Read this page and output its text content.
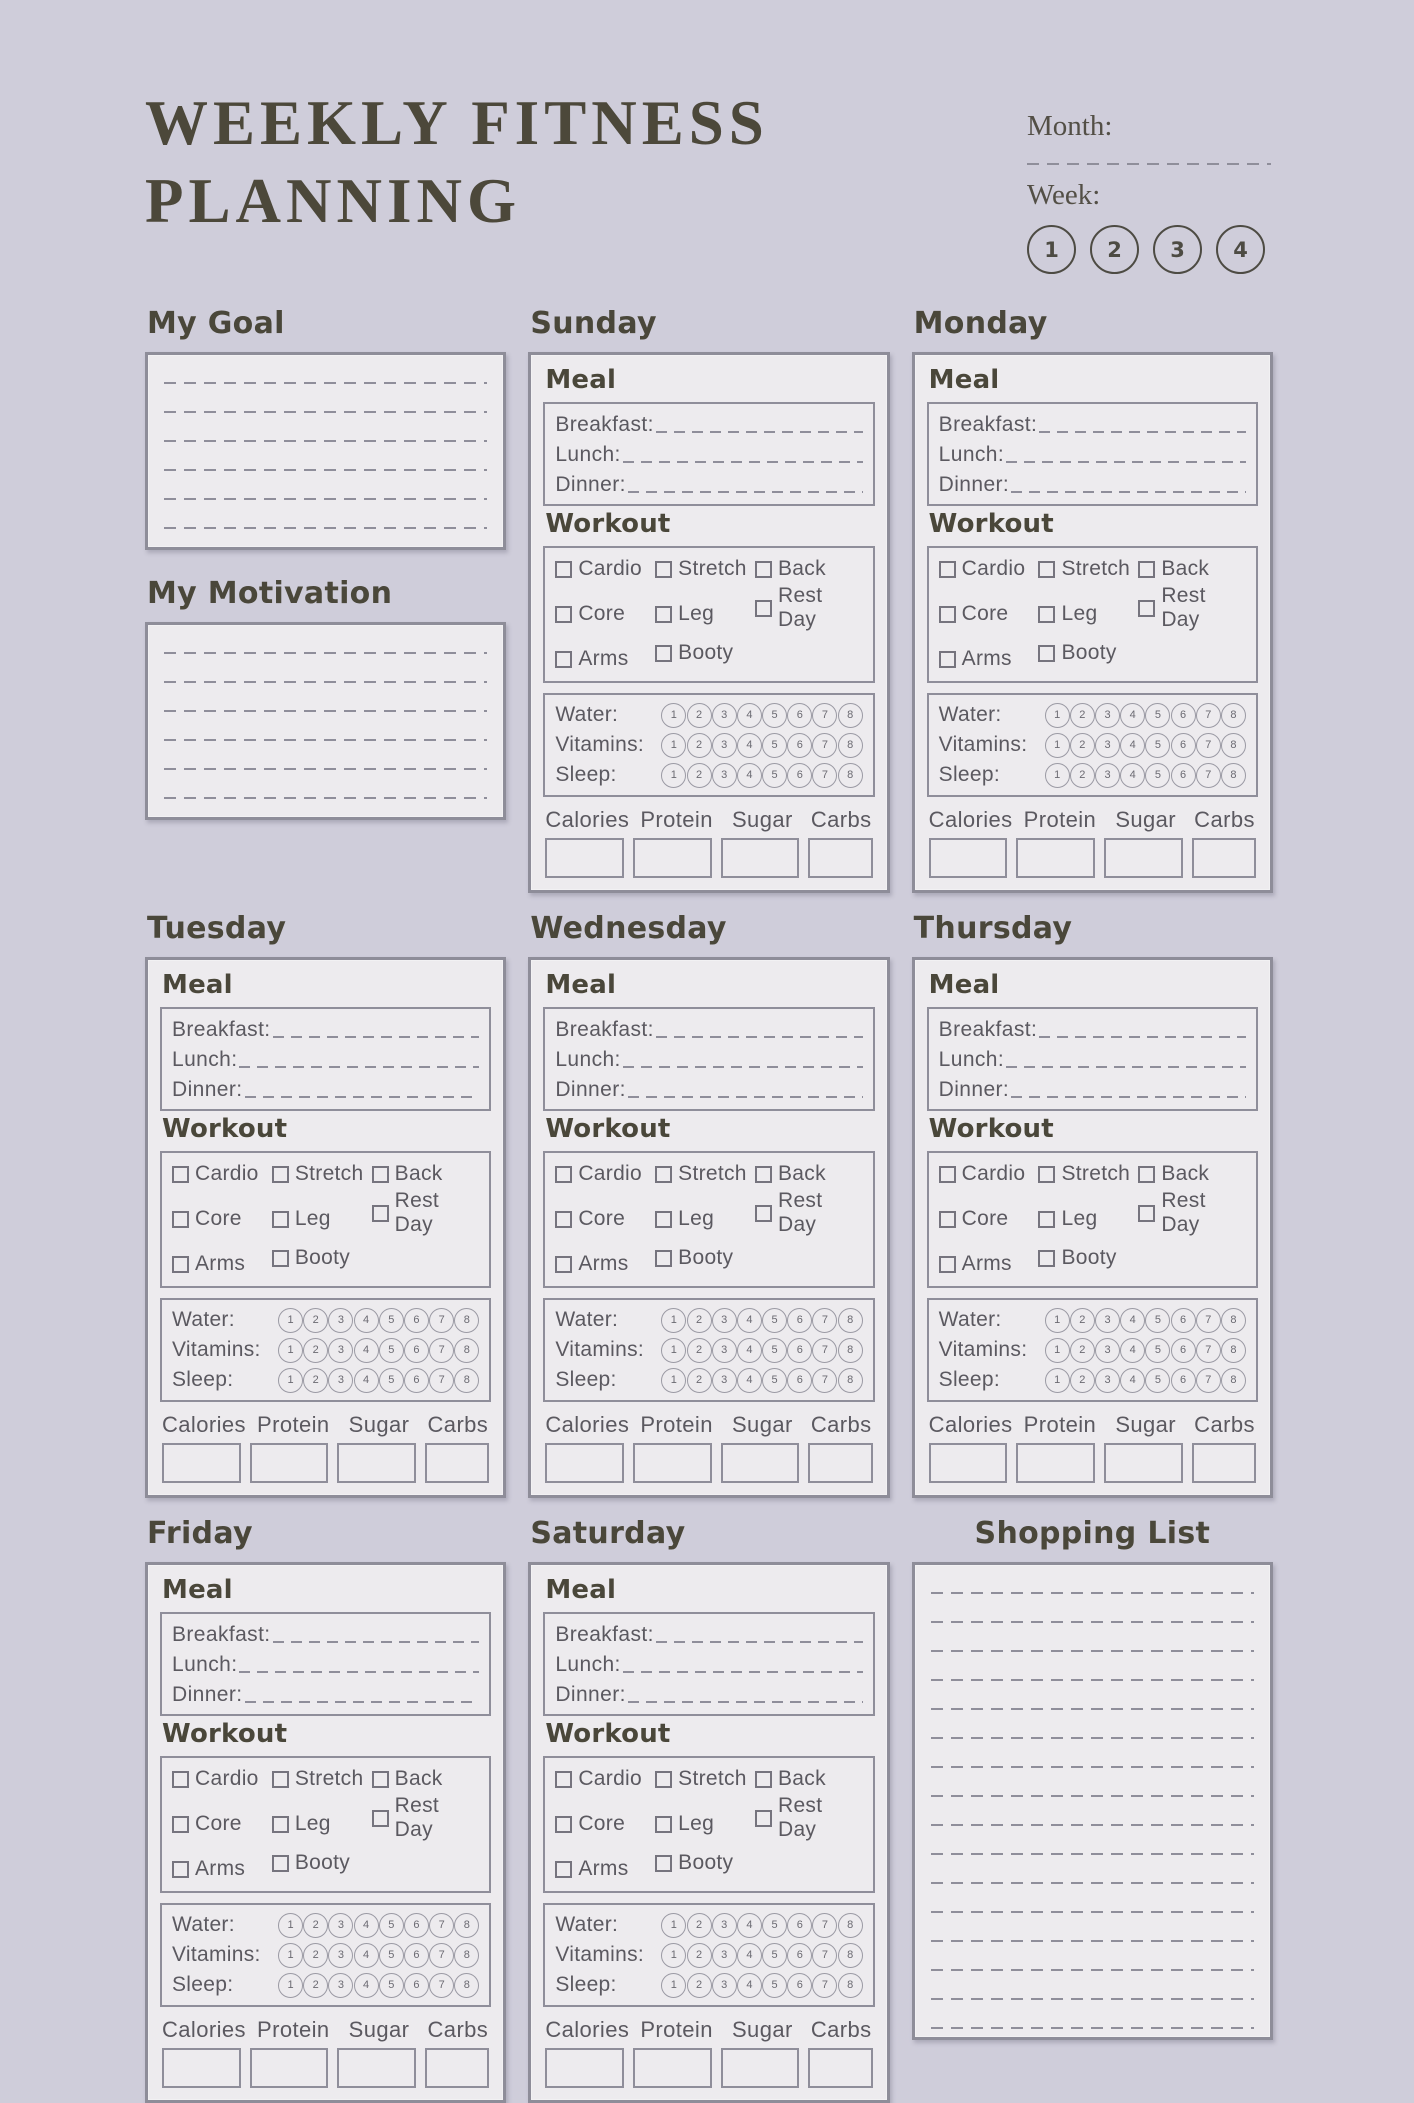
WEEKLY FITNESS
PLANNING
Month:
Week:
1	2	3	4
My Goal
My Motivation
Sunday
Meal
Breakfast:
Lunch:
Dinner:
Workout
Cardio Stretch Back
Core	Leg
Rest Day
Arms Booty
Water:	1	2	3	4	5	6	7	8
Vitamins:	1	2	3	4	5	6	7	8
Sleep:	1	2	3	4	5	6	7	8
Calories Protein Sugar Carbs
Monday
Meal
Breakfast:
Lunch:
Dinner:
Workout
Cardio Stretch Back
Core	Leg
Rest Day
Arms Booty
Water:	1	2	3	4	5	6	7	8
Vitamins:	1	2	3	4	5	6	7	8
Sleep:	1	2	3	4	5	6	7	8
Calories Protein Sugar Carbs
Tuesday
Meal
Breakfast:
Lunch:
Dinner:
Workout
Cardio Stretch Back
Core	Leg
Rest Day
Arms Booty
Water:	1	2	3	4	5	6	7	8
Vitamins:	1	2	3	4	5	6	7	8
Sleep:	1	2	3	4	5	6	7	8
Calories Protein Sugar Carbs
Wednesday
Meal
Breakfast:
Lunch:
Dinner:
Workout
Cardio Stretch Back
Core	Leg
Rest Day
Arms Booty
Water:	1	2	3	4	5	6	7	8
Vitamins:	1	2	3	4	5	6	7	8
Sleep:	1	2	3	4	5	6	7	8
Calories Protein Sugar Carbs
Thursday
Meal
Breakfast:
Lunch:
Dinner:
Workout
Cardio Stretch Back
Core	Leg
Rest Day
Arms Booty
Water:	1	2	3	4	5	6	7	8
Vitamins:	1	2	3	4	5	6	7	8
Sleep:	1	2	3	4	5	6	7	8
Calories Protein Sugar Carbs
Friday
Meal
Breakfast:
Lunch:
Dinner:
Workout
Cardio Stretch Back
Core	Leg
Rest Day
Arms Booty
Water:	1	2	3	4	5	6	7	8
Vitamins:	1	2	3	4	5	6	7	8
Sleep:	1	2	3	4	5	6	7	8
Calories Protein Sugar Carbs
Saturday
Meal
Breakfast:
Lunch:
Dinner:
Workout
Cardio Stretch Back
Core	Leg
Rest Day
Arms Booty
Water:	1	2	3	4	5	6	7	8
Vitamins:	1	2	3	4	5	6	7	8
Sleep:	1	2	3	4	5	6	7	8
Calories Protein Sugar Carbs
Shopping List
